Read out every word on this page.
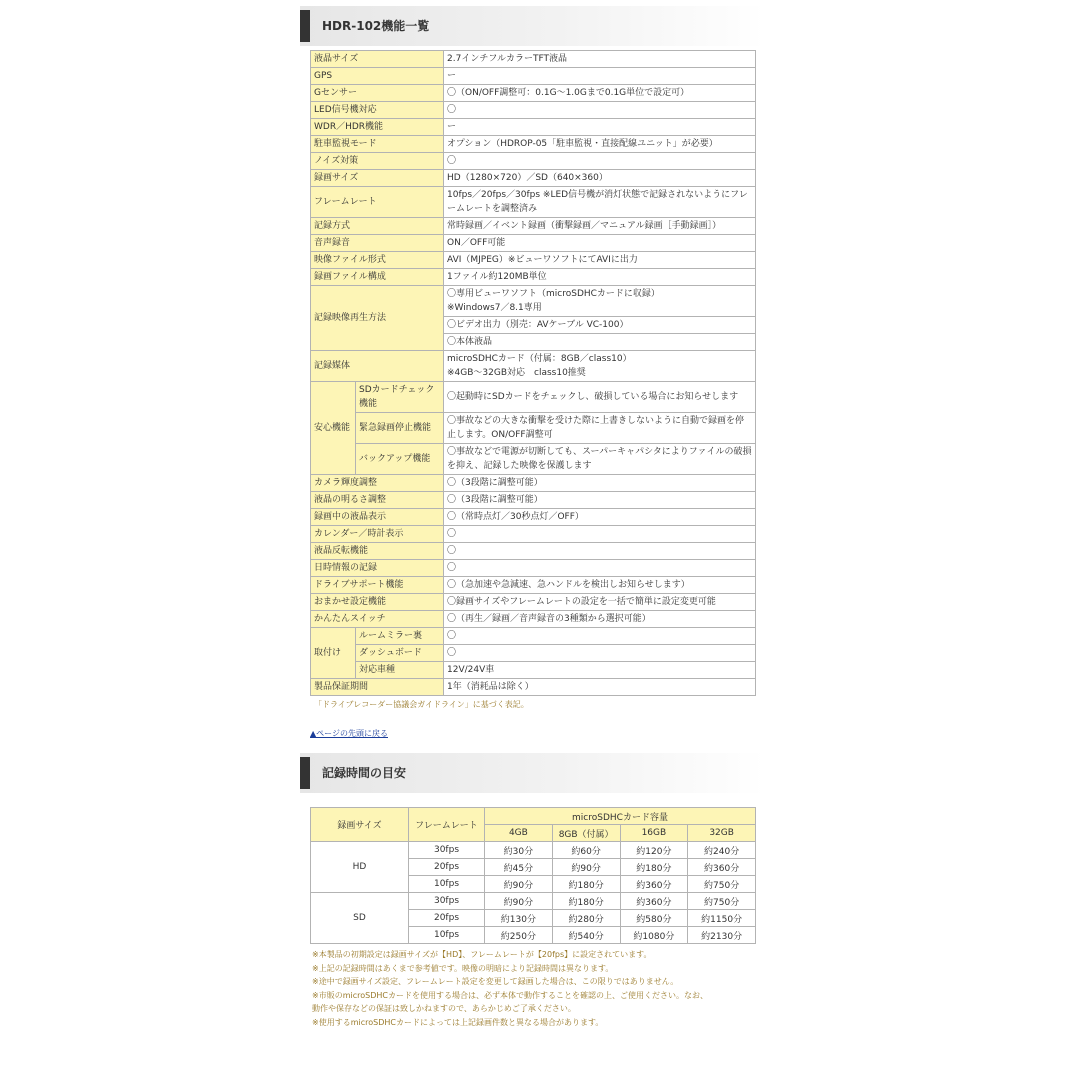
HDR-102機能一覧
液晶サイズ		2.7インチフルカラーTFT液晶
GPS		ー
Gセンサー		〇（ON/OFF調整可：0.1G〜1.0Gまで0.1G単位で設定可）
LED信号機対応		〇
WDR／HDR機能		ー
駐車監視モード		オプション（HDROP-05「駐車監視・直接配線ユニット」が必要）
ノイズ対策		〇
録画サイズ		HD（1280×720）／SD（640×360）
フレームレート		10fps／20fps／30fps ※LED信号機が消灯状態で記録されないようにフレームレートを調整済み
記録方式		常時録画／イベント録画（衝撃録画／マニュアル録画［手動録画］）
音声録音		ON／OFF可能
映像ファイル形式		AVI（MJPEG）※ビューワソフトにてAVIに出力
録画ファイル構成		1ファイル約120MB単位
記録映像再生方法		〇専用ビューワソフト（microSDHCカードに収録）
※Windows7／8.1専用

		〇ビデオ出力（別売：AVケーブル VC-100）

		〇本体液晶

記録媒体		microSDHCカード（付属：8GB／class10）
※4GB〜32GB対応　class10推奨

安心機能	SDカードチェック機能	〇起動時にSDカードをチェックし、破損している場合にお知らせします
	緊急録画停止機能	〇事故などの大きな衝撃を受けた際に上書きしないように自動で録画を停止します。ON/OFF調整可
	バックアップ機能	〇事故などで電源が切断しても、スーパーキャパシタによりファイルの破損を抑え、記録した映像を保護します
カメラ輝度調整		〇（3段階に調整可能）
液晶の明るさ調整		〇（3段階に調整可能）
録画中の液晶表示		〇（常時点灯／30秒点灯／OFF）
カレンダー／時計表示		〇
液晶反転機能		〇
日時情報の記録		〇
ドライブサポート機能		〇（急加速や急減速、急ハンドルを検出しお知らせします）
おまかせ設定機能		〇録画サイズやフレームレートの設定を一括で簡単に設定変更可能
かんたんスイッチ		〇（再生／録画／音声録音の3種類から選択可能）
取付け	ルームミラー裏	〇
	ダッシュボード	〇
	対応車種	12V/24V車
製品保証期間		1年（消耗品は除く）
「ドライブレコーダー協議会ガイドライン」に基づく表記。
▲ページの先頭に戻る
記録時間の目安
録画サイズ	フレームレート	microSDHCカード容量			
		4GB	8GB（付属）	16GB	32GB
HD	30fps	約30分	約60分	約120分	約240分
	20fps	約45分	約90分	約180分	約360分
	10fps	約90分	約180分	約360分	約750分
SD	30fps	約90分	約180分	約360分	約750分
	20fps	約130分	約280分	約580分	約1150分
	10fps	約250分	約540分	約1080分	約2130分
※本製品の初期設定は録画サイズが【HD】、フレームレートが【20fps】に設定されています。
※上記の記録時間はあくまで参考値です。映像の明暗により記録時間は異なります。
※途中で録画サイズ設定、フレームレート設定を変更して録画した場合は、この限りではありません。
※市販のmicroSDHCカードを使用する場合は、必ず本体で動作することを確認の上、ご使用ください。なお、
動作や保存などの保証は致しかねますので、あらかじめご了承ください。
※使用するmicroSDHCカードによっては上記録画件数と異なる場合があります。
